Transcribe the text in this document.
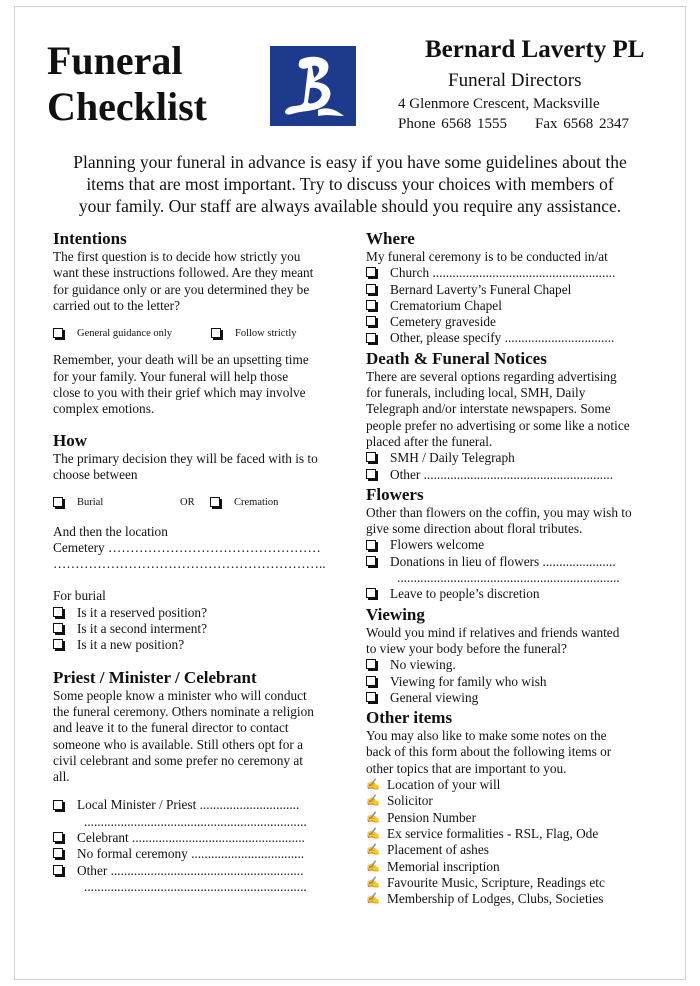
Funeral
Checklist
Bernard Laverty PL
Funeral Directors
4 Glenmore Crescent, Macksville
Phone 6568 1555 Fax 6568 2347
Planning your funeral in advance is easy if you have some guidelines about the
items that are most important. Try to discuss your choices with members of
your family. Our staff are always available should you require any assistance.
Intentions
The first question is to decide how strictly you
want these instructions followed. Are they meant
for guidance only or are you determined they be
carried out to the letter?
General guidance only	Follow strictly
Remember, your death will be an upsetting time
for your family. Your funeral will help those
close to you with their grief which may involve
complex emotions.
How
The primary decision they will be faced with is to
choose between
Burial	OR	Cremation
And then the location
Cemetery …………………………………………
……………………………………………………..
For burial
Is it a reserved position?
Is it a second interment?
Is it a new position?
Priest / Minister / Celebrant
Some people know a minister who will conduct
the funeral ceremony. Others nominate a religion
and leave it to the funeral director to contact
someone who is available. Still others opt for a
civil celebrant and some prefer no ceremony at
all.
Local Minister / Priest ..............................
...................................................................
Celebrant ....................................................
No formal ceremony ..................................
Other ..........................................................
...................................................................
Where
My funeral ceremony is to be conducted in/at
Church .......................................................
Bernard Laverty’s Funeral Chapel
Crematorium Chapel
Cemetery graveside
Other, please specify .................................
Death & Funeral Notices
There are several options regarding advertising
for funerals, including local, SMH, Daily
Telegraph and/or interstate newspapers. Some
people prefer no advertising or some like a notice
placed after the funeral.
SMH / Daily Telegraph
Other .........................................................
Flowers
Other than flowers on the coffin, you may wish to
give some direction about floral tributes.
Flowers welcome
Donations in lieu of flowers ......................
...................................................................
Leave to people’s discretion
Viewing
Would you mind if relatives and friends wanted
to view your body before the funeral?
No viewing.
Viewing for family who wish
General viewing
Other items
You may also like to make some notes on the
back of this form about the following items or
other topics that are important to you.
✍ Location of your will
✍ Solicitor
✍ Pension Number
✍ Ex service formalities - RSL, Flag, Ode
✍ Placement of ashes
✍ Memorial inscription
✍ Favourite Music, Scripture, Readings etc
✍ Membership of Lodges, Clubs, Societies
